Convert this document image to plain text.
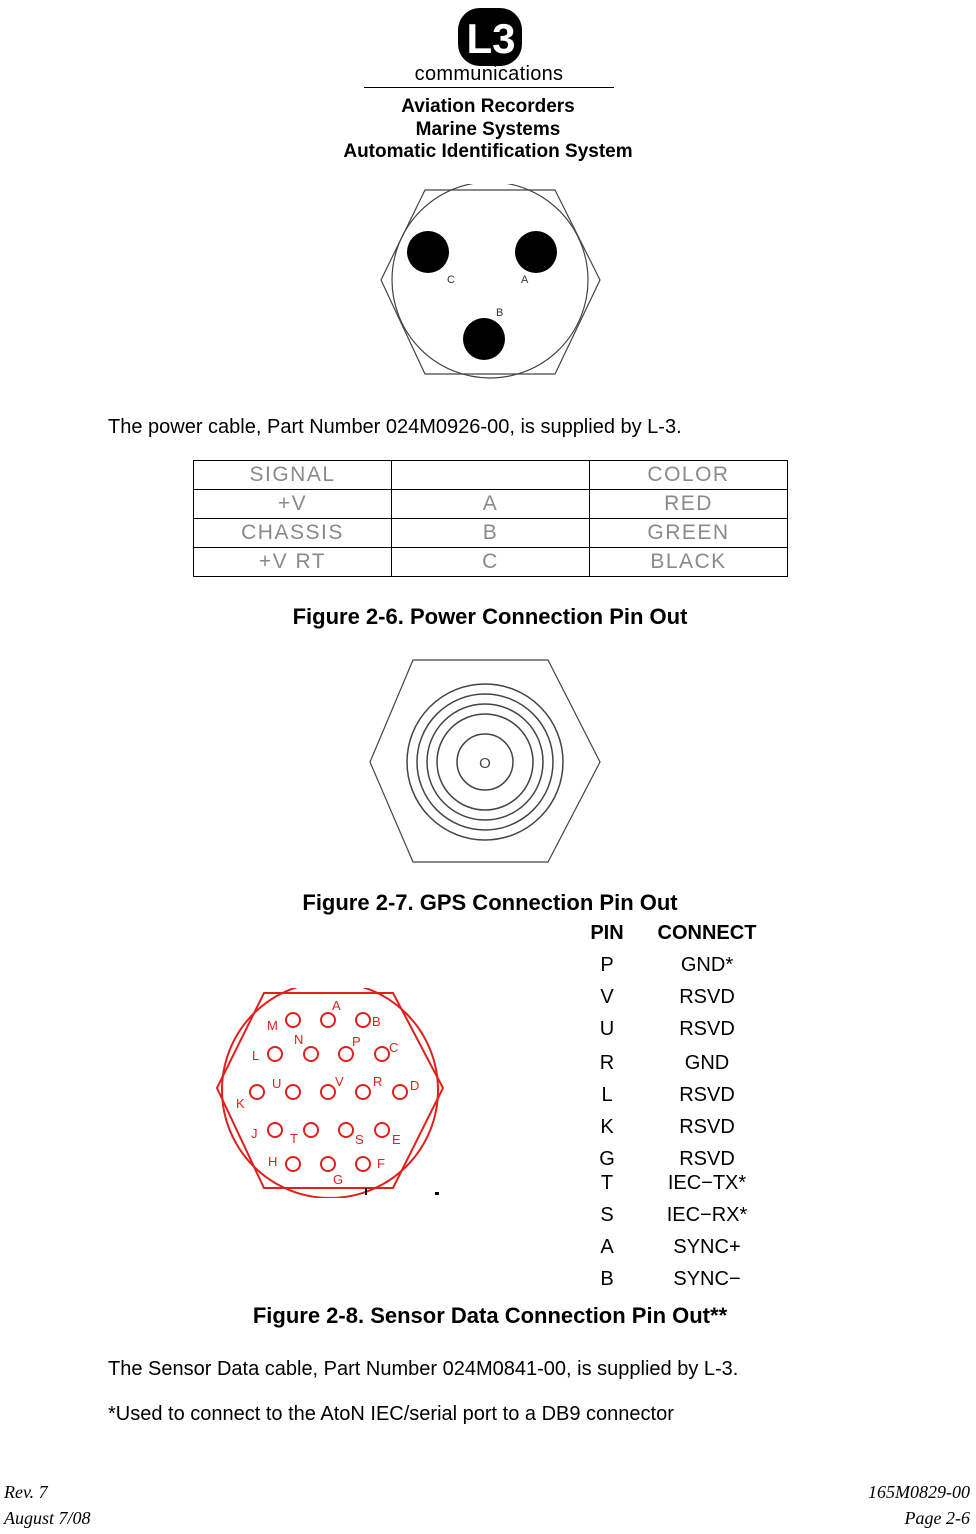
L3
communications
Aviation Recorders
Marine Systems
Automatic Identification System
C	A
B
The power cable, Part Number 024M0926-00, is supplied by L-3.
SIGNAL		COLOR
+V	A	RED
CHASSIS	B	GREEN
+V RT	C	BLACK
Figure 2-6. Power Connection Pin Out
O
Figure 2-7. GPS Connection Pin Out
M
A
B
N	P
L
C
U	V R
K
D
J	T	S E
H
G
F
PIN	CONNECT
P	GND*
V	RSVD
U	RSVD
R	GND
L	RSVD
K	RSVD
G	RSVD
T	IEC−TX*
S	IEC−RX*
A	SYNC+
B	SYNC−
Figure 2-8. Sensor Data Connection Pin Out**
The Sensor Data cable, Part Number 024M0841-00, is supplied by L-3.
*Used to connect to the AtoN IEC/serial port to a DB9 connector
Rev. 7
August 7/08
165M0829-00
Page 2-6
